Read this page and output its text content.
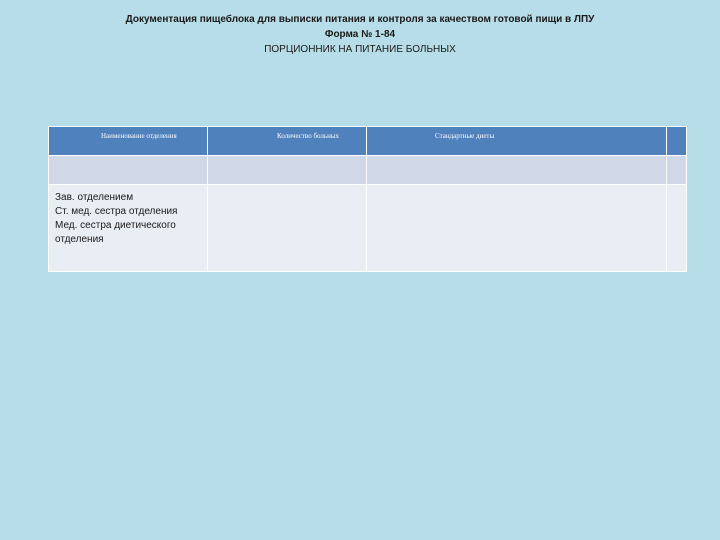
Документация пищеблока для выписки питания и контроля за качеством готовой пищи в ЛПУ
Форма № 1-84
ПОРЦИОННИК НА ПИТАНИЕ БОЛЬНЫХ
Наименование отделения	Количество больных	Стандартные диеты	

Зав. отделением
Ст. мед. сестра отделения
Мед. сестра диетического
отделения			
